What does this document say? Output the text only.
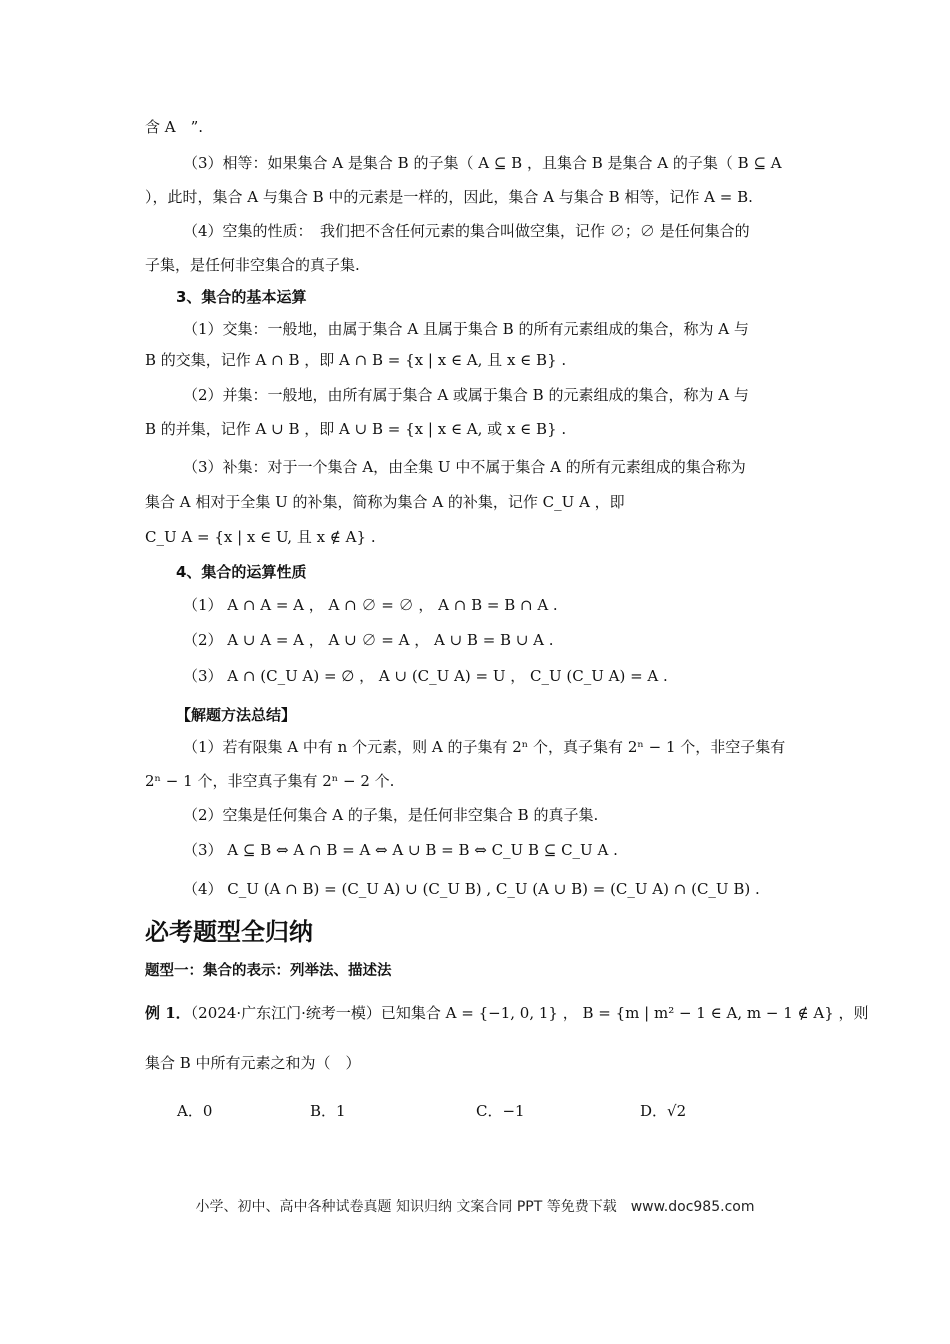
含 A　”.
（3）相等：如果集合 A 是集合 B 的子集（ A ⊆ B ，且集合 B 是集合 A 的子集（ B ⊆ A
），此时，集合 A 与集合 B 中的元素是一样的，因此，集合 A 与集合 B 相等，记作 A = B.
（4）空集的性质：　我们把不含任何元素的集合叫做空集，记作 ∅；∅ 是任何集合的
子集，是任何非空集合的真子集.
3、集合的基本运算
（1）交集：一般地，由属于集合 A 且属于集合 B 的所有元素组成的集合，称为 A 与
B 的交集，记作 A ∩ B ，即 A ∩ B = {x | x ∈ A, 且 x ∈ B} .
（2）并集：一般地，由所有属于集合 A 或属于集合 B 的元素组成的集合，称为 A 与
B 的并集，记作 A ∪ B ，即 A ∪ B = {x | x ∈ A, 或 x ∈ B} .
（3）补集：对于一个集合 A，由全集 U 中不属于集合 A 的所有元素组成的集合称为
集合 A 相对于全集 U 的补集，简称为集合 A 的补集，记作 C_U A ，即
C_U A = {x | x ∈ U, 且 x ∉ A} .
4、集合的运算性质
（1） A ∩ A = A ， A ∩ ∅ = ∅ ， A ∩ B = B ∩ A .
（2） A ∪ A = A ， A ∪ ∅ = A ， A ∪ B = B ∪ A .
（3） A ∩ (C_U A) = ∅ ， A ∪ (C_U A) = U ， C_U (C_U A) = A .
【解题方法总结】
（1）若有限集 A 中有 n 个元素，则 A 的子集有 2ⁿ 个，真子集有 2ⁿ − 1 个，非空子集有
2ⁿ − 1 个，非空真子集有 2ⁿ − 2 个.
（2）空集是任何集合 A 的子集，是任何非空集合 B 的真子集.
（3） A ⊆ B ⇔ A ∩ B = A ⇔ A ∪ B = B ⇔ C_U B ⊆ C_U A .
（4） C_U (A ∩ B) = (C_U A) ∪ (C_U B) , C_U (A ∪ B) = (C_U A) ∩ (C_U B) .
必考题型全归纳
题型一：集合的表示：列举法、描述法
例 1．（2024·广东江门·统考一模）已知集合 A = {−1, 0, 1} ， B = {m | m² − 1 ∈ A, m − 1 ∉ A} ，则
集合 B 中所有元素之和为（　）
A．0	B．1	C．−1	D．√2
小学、初中、高中各种试卷真题 知识归纳 文案合同 PPT 等免费下载　www.doc985.com
